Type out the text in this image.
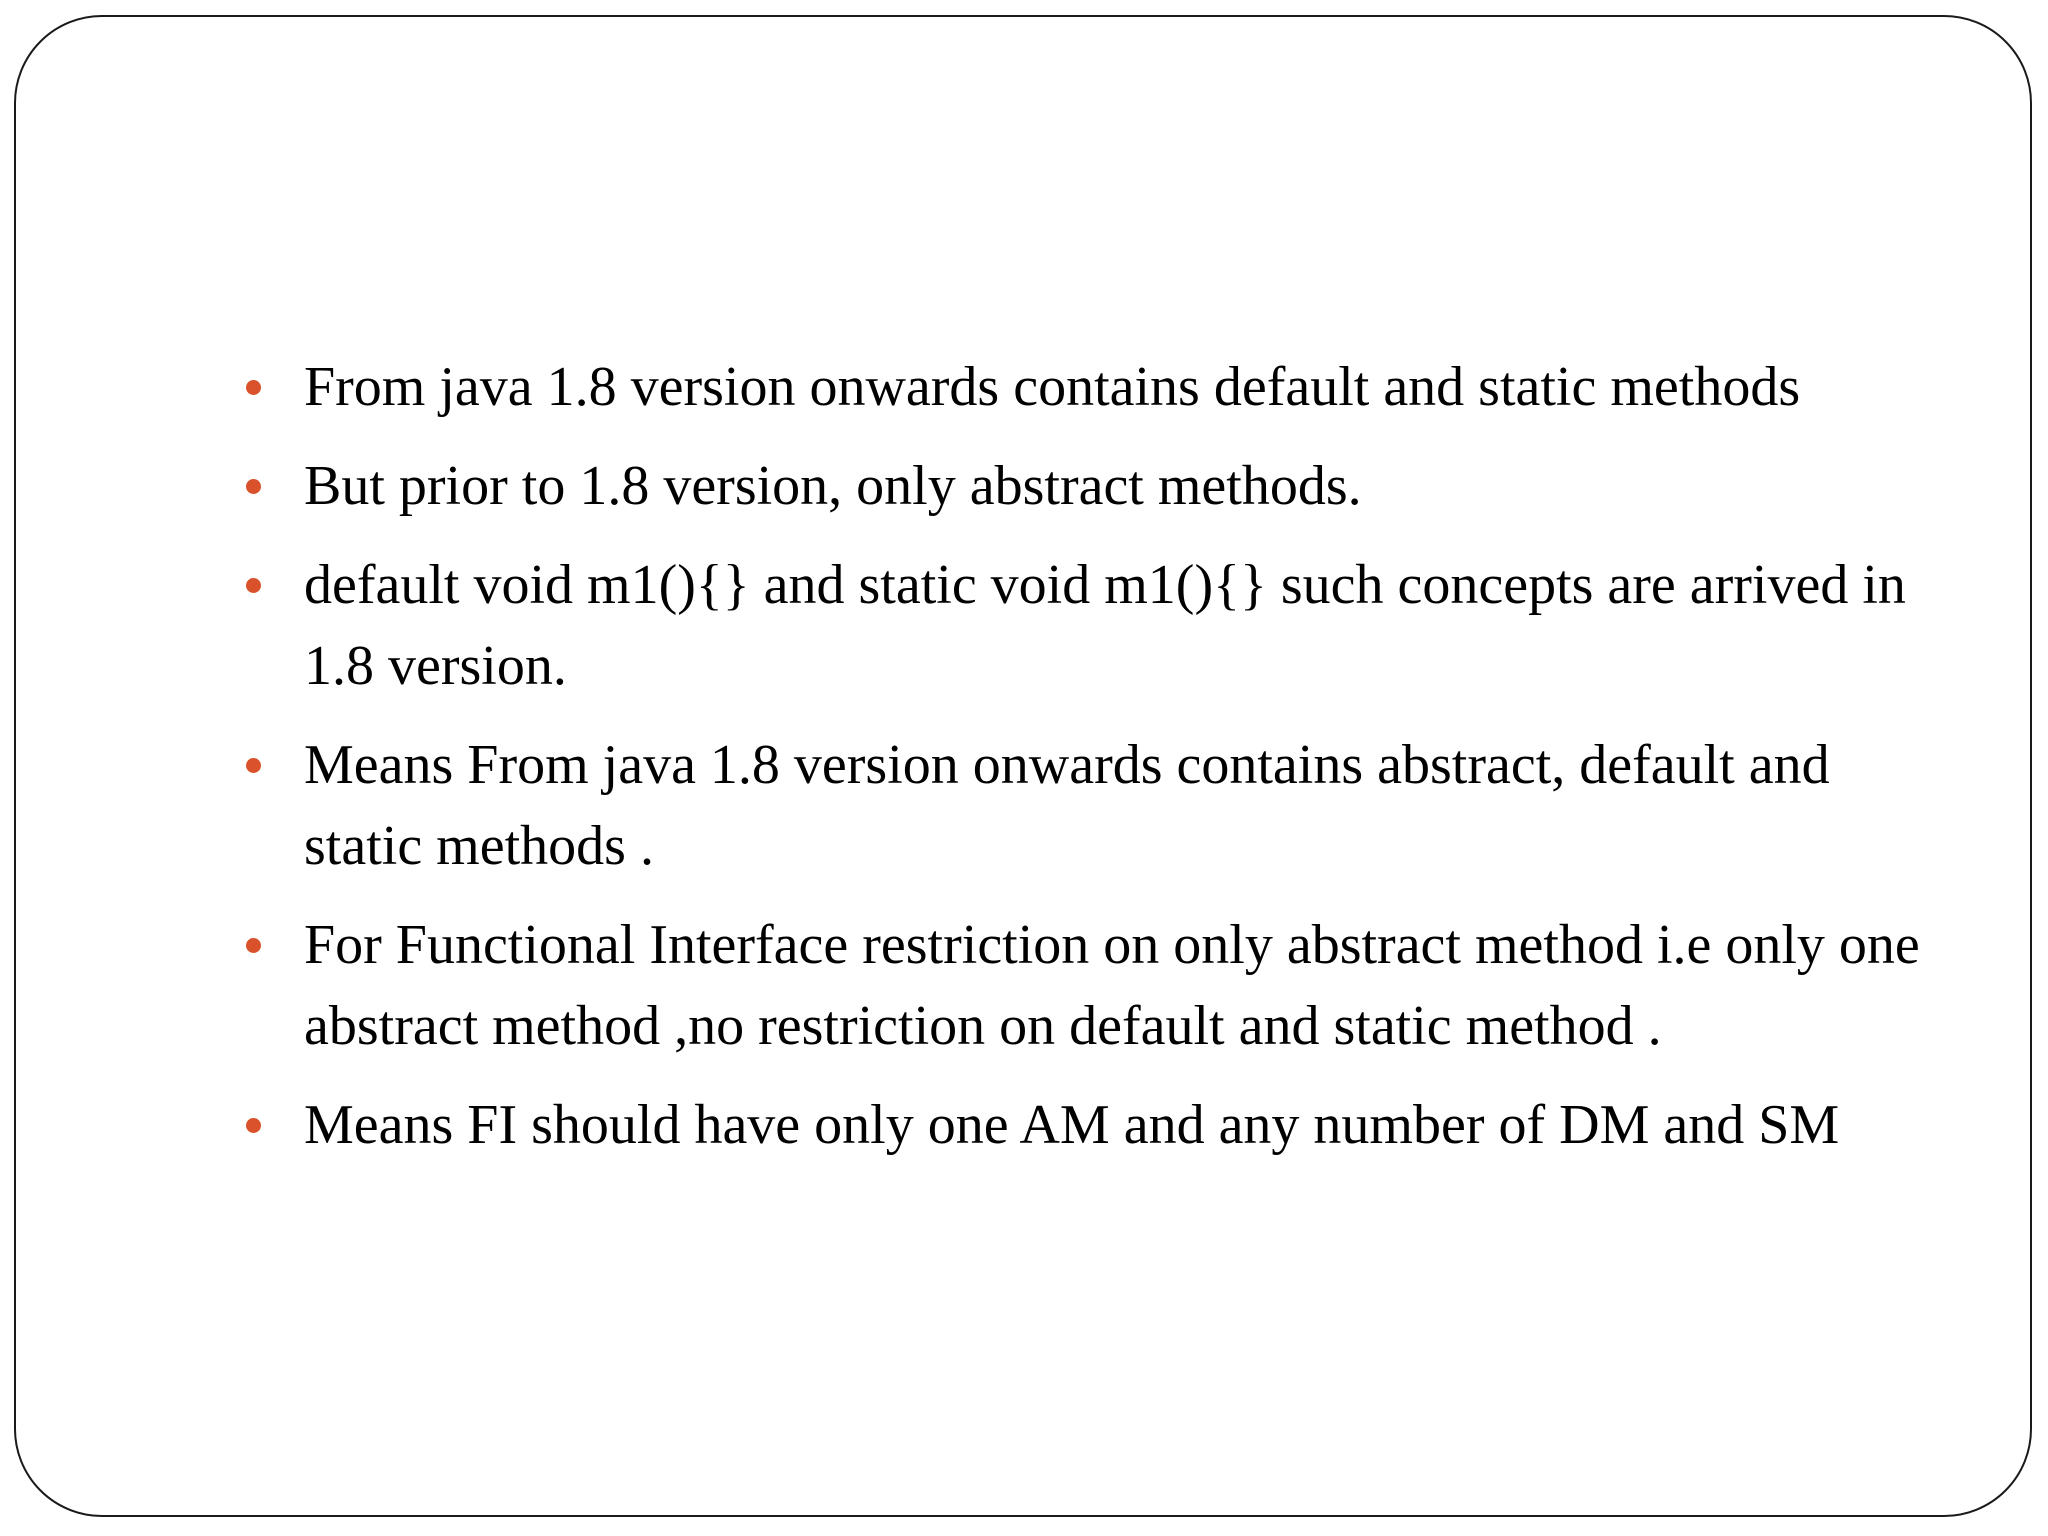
From java 1.8 version onwards contains default and static methods
But prior to 1.8 version, only abstract methods.
default void m1(){} and static void m1(){} such concepts are arrived in 1.8 version.
Means From java 1.8 version onwards contains abstract, default and static methods .
For Functional Interface restriction on only abstract method i.e only one abstract method ,no restriction on default and static method .
Means FI should have only one AM and any number of DM and SM
